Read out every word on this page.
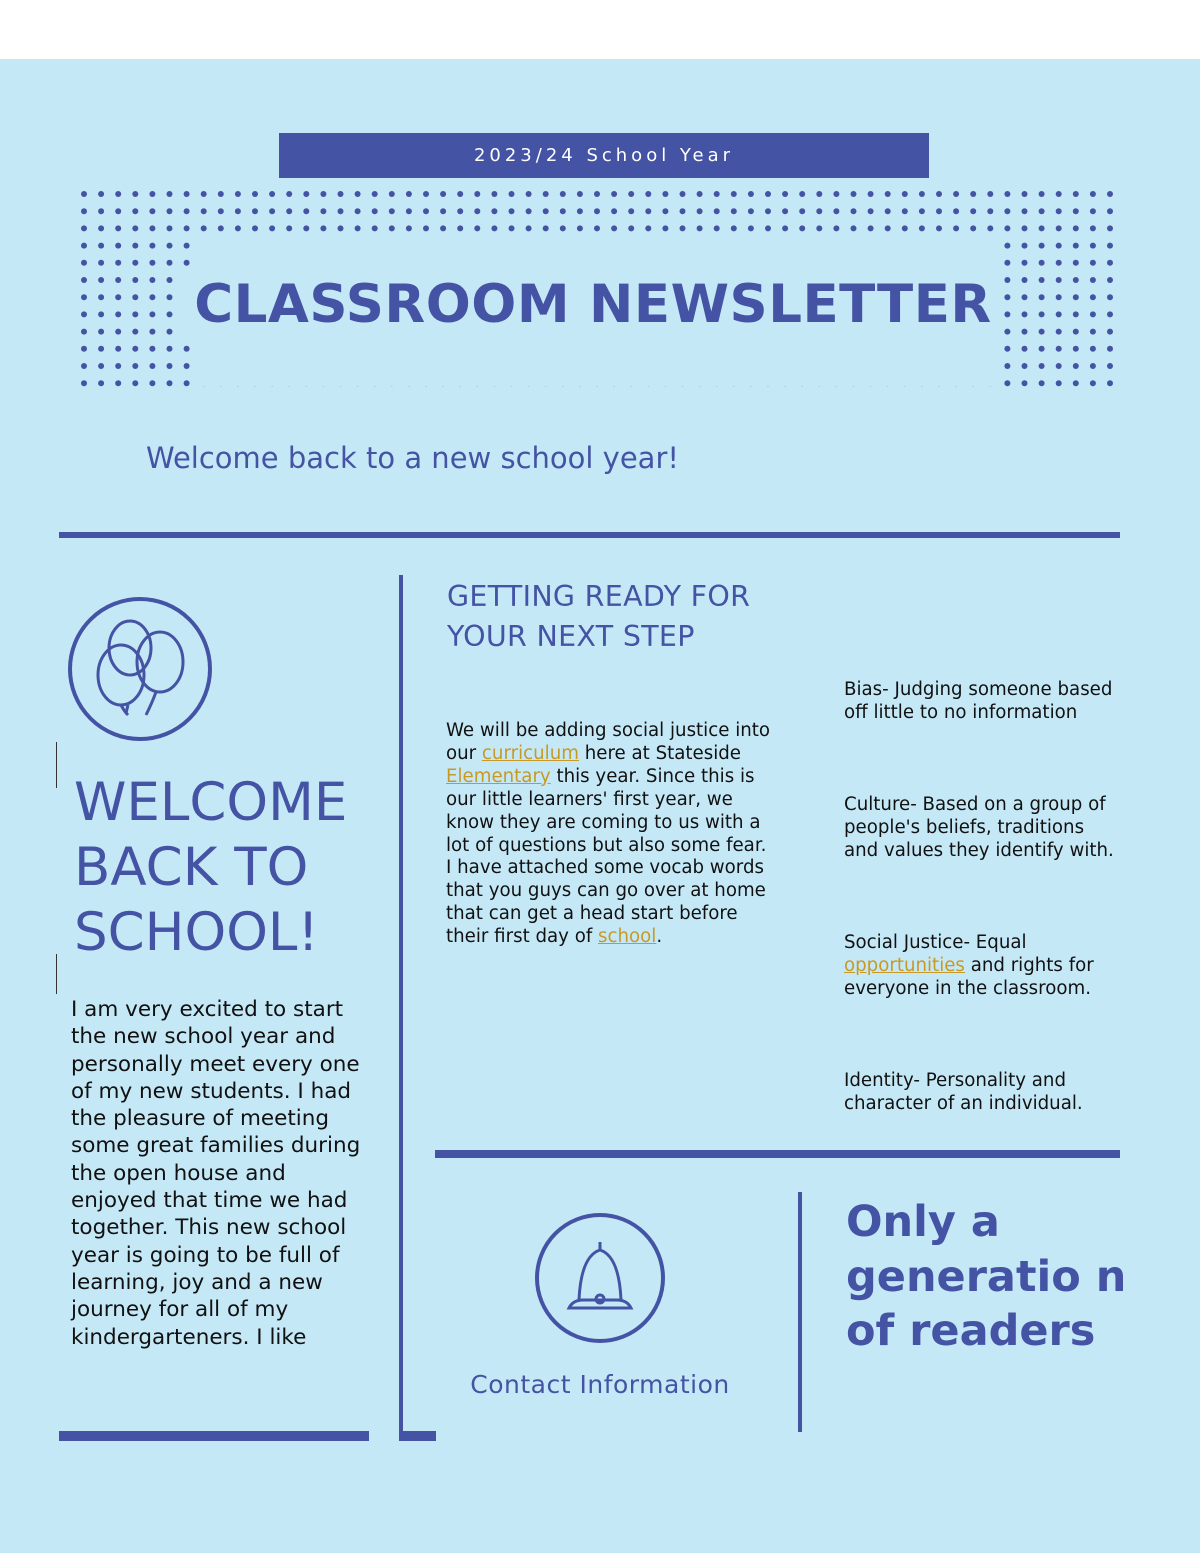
2023/24 School Year
CLASSROOM NEWSLETTER
Welcome back to a new school year!
WELCOME BACK TO SCHOOL!
I am very excited to start the new school year and personally meet every one of my new students. I had the pleasure of meeting some great families during the open house and enjoyed that time we had together. This new school year is going to be full of learning, joy and a new journey for all of my kindergarteners. I like
GETTING READY FOR YOUR NEXT STEP
We will be adding social justice into our curriculum here at Stateside Elementary this year. Since this is our little learners' first year, we know they are coming to us with a lot of questions but also some fear. I have attached some vocab words that you guys can go over at home that can get a head start before their first day of school.
Bias- Judging someone based off little to no information
Culture- Based on a group of people's beliefs, traditions and values they identify with.
Social Justice- Equal opportunities and rights for everyone in the classroom.
Identity- Personality and character of an individual.
Contact Information
Only a generatio n of readers
